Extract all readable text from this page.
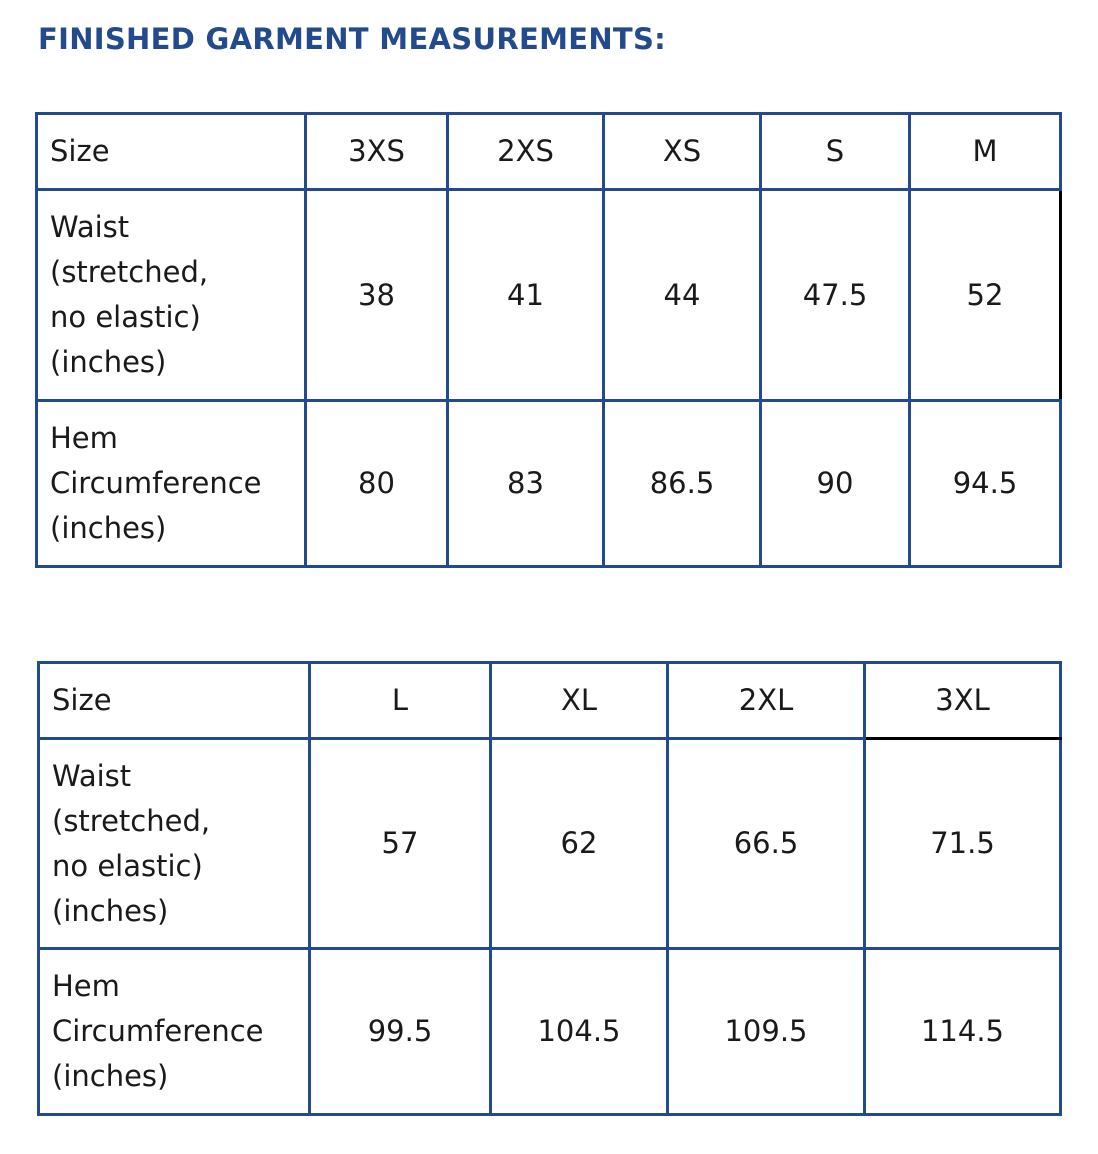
FINISHED GARMENT MEASUREMENTS:
Size	3XS	2XS	XS	S	M

Waist
(stretched,
no elastic)
(inches)	38	41	44	47.5	52

Hem
Circumference
(inches)	80	83	86.5	90	94.5
Size	L	XL	2XL	3XL

Waist
(stretched,
no elastic)
(inches)	57	62	66.5	71.5

Hem
Circumference
(inches)	99.5	104.5	109.5	114.5
